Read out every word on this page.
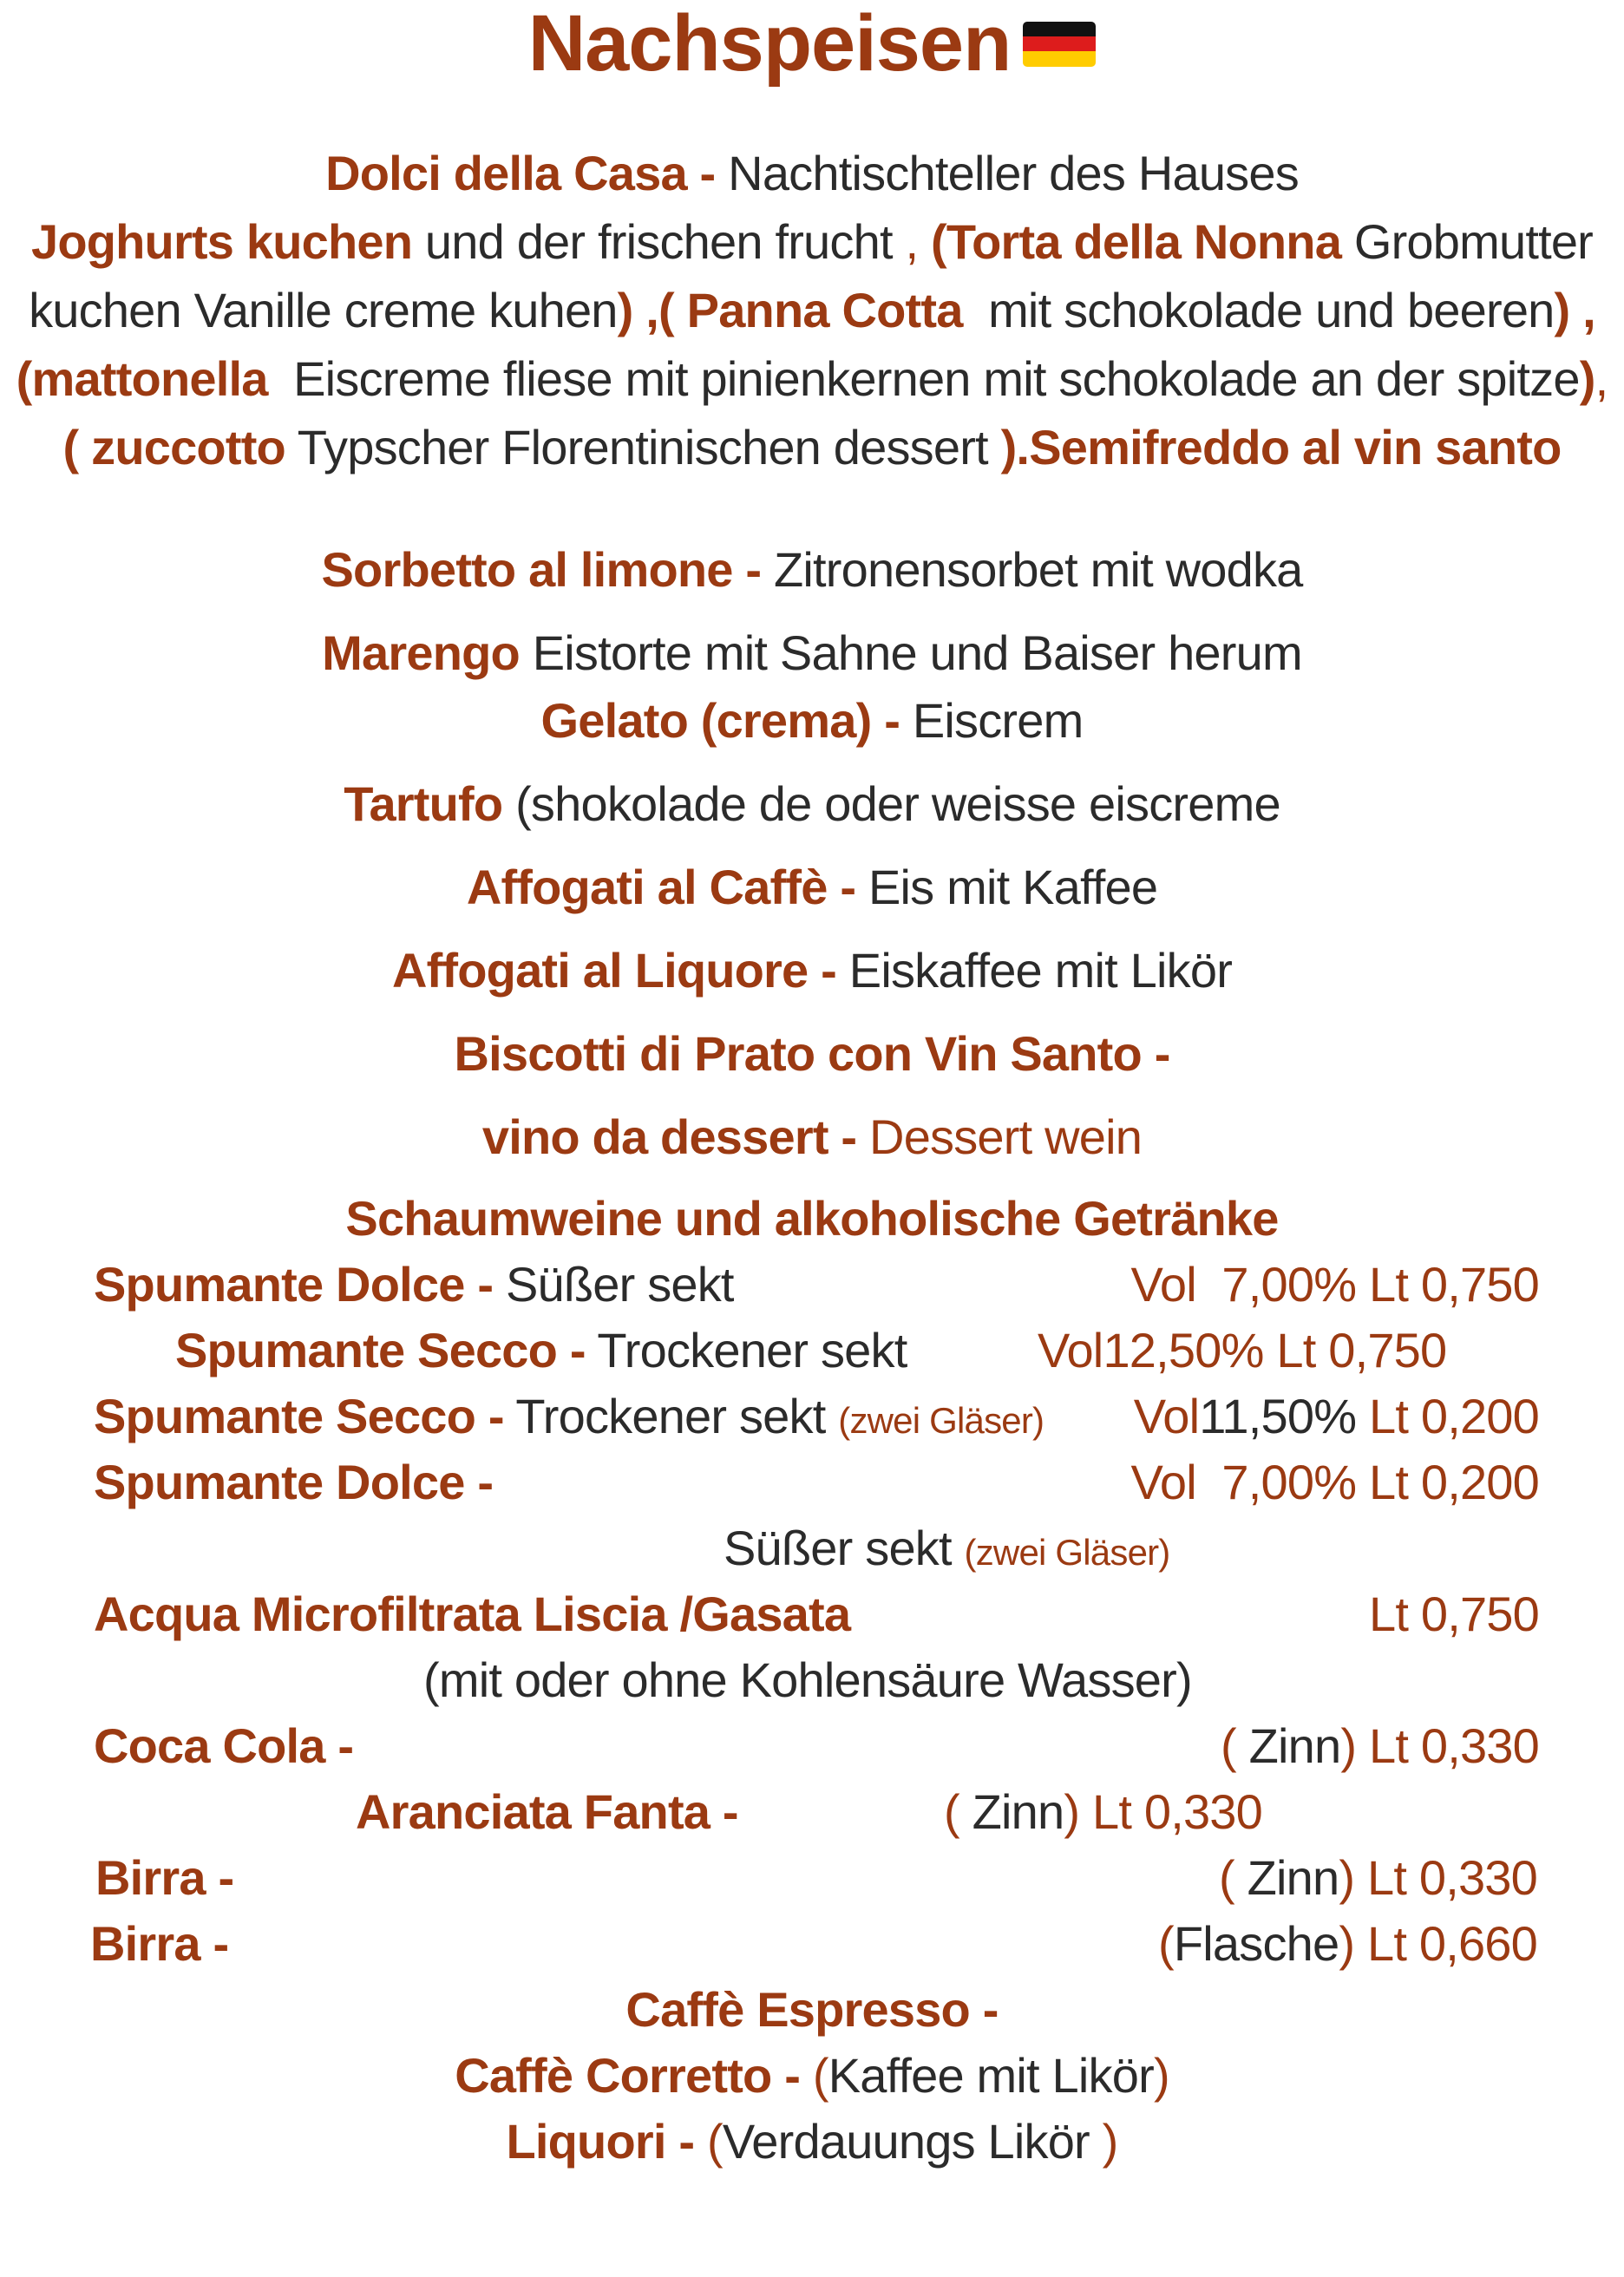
Nachspeisen
Dolci della Casa - Nachtischteller des Hauses
Joghurts kuchen und der frischen frucht , (Torta della Nonna Grobmutter kuchen Vanille creme kuhen) ,( Panna Cotta mit schokolade und beeren) , (mattonella Eiscreme fliese mit pinienkernen mit schokolade an der spitze),( zuccotto Typscher Florentinischen dessert ).Semifreddo al vin santo
Sorbetto al limone - Zitronensorbet mit wodka
Marengo Eistorte mit Sahne und Baiser herum
Gelato (crema) - Eiscrem
Tartufo (shokolade de oder weisse eiscreme
Affogati al Caffè - Eis mit Kaffee
Affogati al Liquore - Eiskaffee mit Likör
Biscotti di Prato con Vin Santo -
vino da dessert - Dessert wein
Schaumweine und alkoholische Getränke
Spumante Dolce - Süßer sekt	Vol  7,00% Lt 0,750
Spumante Secco - Trockener sekt	Vol12,50% Lt 0,750
Spumante Secco - Trockener sekt (zwei Gläser) Vol11,50% Lt 0,200
Spumante Dolce -	Vol  7,00% Lt 0,200
Süßer sekt (zwei Gläser)
Acqua Microfiltrata Liscia /Gasata	Lt 0,750
(mit oder ohne Kohlensäure Wasser)
Coca Cola -	( Zinn) Lt 0,330
Aranciata Fanta -	( Zinn) Lt 0,330
Birra -	( Zinn) Lt 0,330
Birra -	(Flasche) Lt 0,660
Caffè Espresso -
Caffè Corretto - (Kaffee mit Likör)
Liquori - (Verdauungs Likör )
